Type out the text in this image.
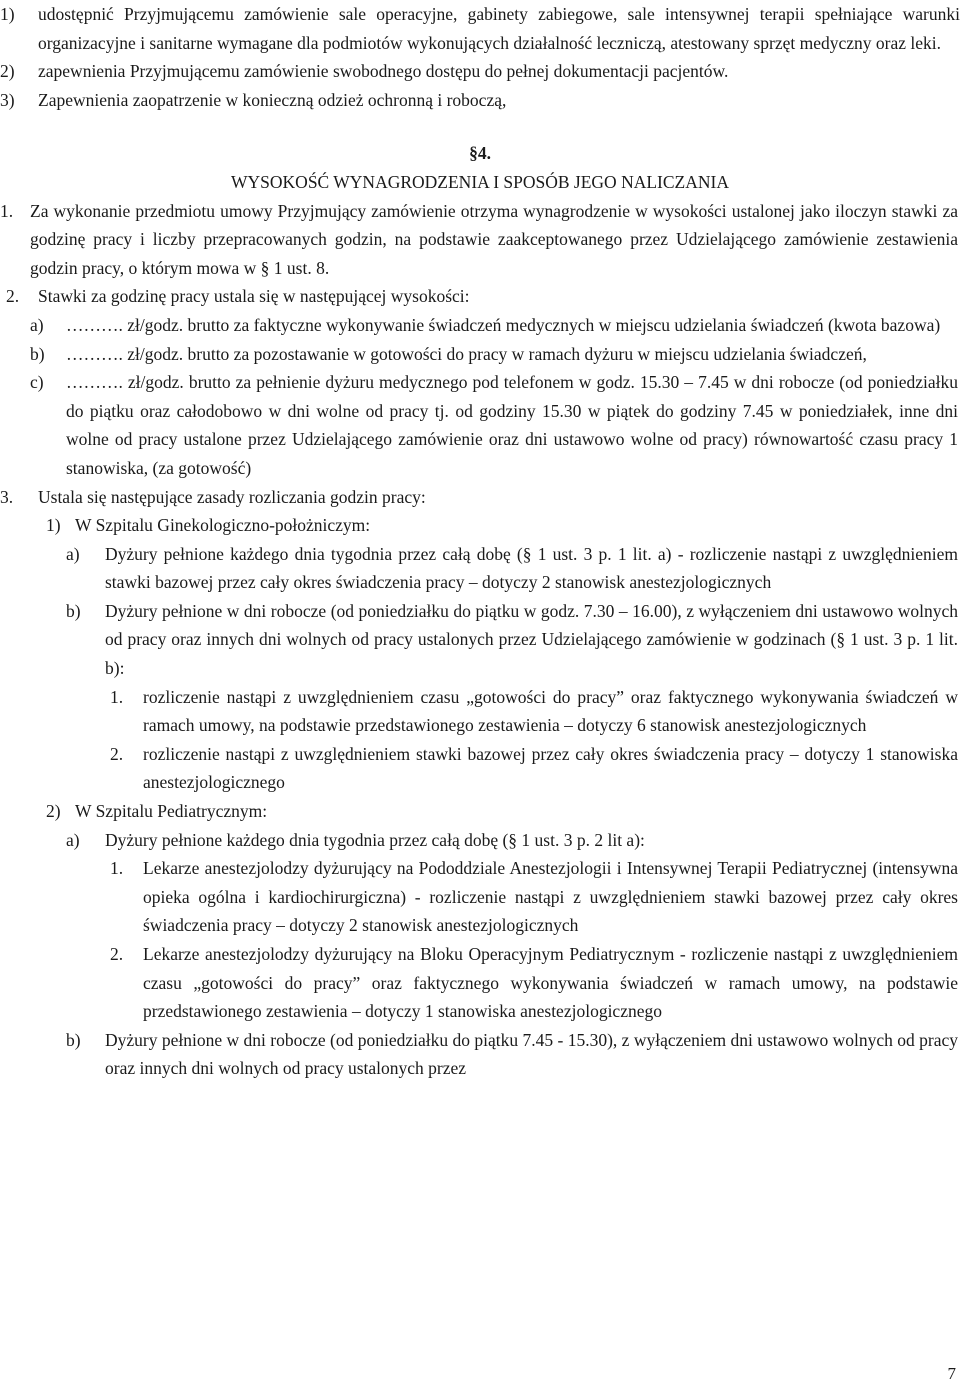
1) udostępnić Przyjmującemu zamówienie sale operacyjne, gabinety zabiegowe, sale intensywnej terapii spełniające warunki organizacyjne i sanitarne wymagane dla podmiotów wykonujących działalność leczniczą, atestowany sprzęt medyczny oraz leki.

2) zapewnienia Przyjmującemu zamówienie swobodnego dostępu do pełnej dokumentacji pacjentów.

3) Zapewnienia zaopatrzenie w konieczną odzież ochronną i roboczą,

§4.

WYSOKOŚĆ WYNAGRODZENIA I SPOSÓB JEGO NALICZANIA

1. Za wykonanie przedmiotu umowy Przyjmujący zamówienie otrzyma wynagrodzenie w wysokości ustalonej jako iloczyn stawki za godzinę pracy i liczby przepracowanych godzin, na podstawie zaakceptowanego przez Udzielającego zamówienie zestawienia godzin pracy, o którym mowa w § 1 ust. 8.

2. Stawki za godzinę pracy ustala się w następującej wysokości:

a) ………. zł/godz. brutto za faktyczne wykonywanie świadczeń medycznych w miejscu udzielania świadczeń (kwota bazowa)

b) ………. zł/godz. brutto za pozostawanie w gotowości do pracy w ramach dyżuru w miejscu udzielania świadczeń,

c) ………. zł/godz. brutto za pełnienie dyżuru medycznego pod telefonem w godz. 15.30 – 7.45 w dni robocze (od poniedziałku do piątku oraz całodobowo w dni wolne od pracy tj. od godziny 15.30 w piątek do godziny 7.45 w poniedziałek, inne dni wolne od pracy ustalone przez Udzielającego zamówienie oraz dni ustawowo wolne od pracy) równowartość czasu pracy 1 stanowiska, (za gotowość)

3. Ustala się następujące zasady rozliczania godzin pracy:

1) W Szpitalu Ginekologiczno-położniczym:

a) Dyżury pełnione każdego dnia tygodnia przez całą dobę (§ 1 ust. 3 p. 1 lit. a) - rozliczenie nastąpi z uwzględnieniem stawki bazowej przez cały okres świadczenia pracy – dotyczy 2 stanowisk anestezjologicznych

b) Dyżury pełnione w dni robocze (od poniedziałku do piątku w godz. 7.30 – 16.00), z wyłączeniem dni ustawowo wolnych od pracy oraz innych dni wolnych od pracy ustalonych przez Udzielającego zamówienie w godzinach (§ 1 ust. 3 p. 1 lit. b):

1. rozliczenie nastąpi z uwzględnieniem czasu „gotowości do pracy” oraz faktycznego wykonywania świadczeń w ramach umowy, na podstawie przedstawionego zestawienia – dotyczy 6 stanowisk anestezjologicznych

2. rozliczenie nastąpi z uwzględnieniem stawki bazowej przez cały okres świadczenia pracy – dotyczy 1 stanowiska anestezjologicznego

2) W Szpitalu Pediatrycznym:

a) Dyżury pełnione każdego dnia tygodnia przez całą dobę (§ 1 ust. 3 p. 2 lit a):

1. Lekarze anestezjolodzy dyżurujący na Pododdziale Anestezjologii i Intensywnej Terapii Pediatrycznej (intensywna opieka ogólna i kardiochirurgiczna) - rozliczenie nastąpi z uwzględnieniem stawki bazowej przez cały okres świadczenia pracy – dotyczy 2 stanowisk anestezjologicznych

2. Lekarze anestezjolodzy dyżurujący na Bloku Operacyjnym Pediatrycznym - rozliczenie nastąpi z uwzględnieniem czasu „gotowości do pracy” oraz faktycznego wykonywania świadczeń w ramach umowy, na podstawie przedstawionego zestawienia – dotyczy 1 stanowiska anestezjologicznego

b) Dyżury pełnione w dni robocze (od poniedziałku do piątku 7.45 - 15.30), z wyłączeniem dni ustawowo wolnych od pracy oraz innych dni wolnych od pracy ustalonych przez

7
